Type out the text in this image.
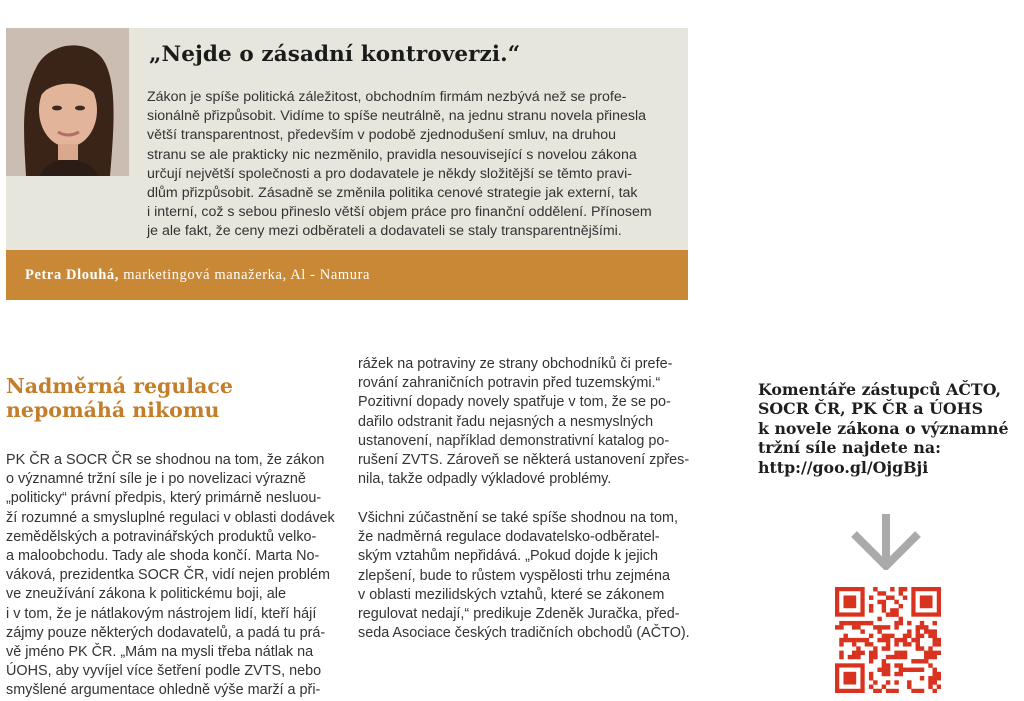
„Nejde o zásadní kontroverzi.“

Zákon je spíše politická záležitost, obchodním firmám nezbývá než se profe-
sionálně přizpůsobit. Vidíme to spíše neutrálně, na jednu stranu novela přinesla
větší transparentnost, především v podobě zjednodušení smluv, na druhou
stranu se ale prakticky nic nezměnilo, pravidla nesouvisející s novelou zákona
určují největší společnosti a pro dodavatele je někdy složitější se těmto pravi-
dlům přizpůsobit. Zásadně se změnila politika cenové strategie jak externí, tak
i interní, což s sebou přineslo větší objem práce pro finanční oddělení. Přínosem
je ale fakt, že ceny mezi odběrateli a dodavateli se staly transparentnějšími.

Petra Dlouhá, marketingová manažerka, Al - Namura

Nadměrná regulace
nepomáhá nikomu

PK ČR a SOCR ČR se shodnou na tom, že zákon
o významné tržní síle je i po novelizaci výrazně
„politicky“ právní předpis, který primárně nesluou-
ží rozumné a smysluplné regulaci v oblasti dodávek
zemědělských a potravinářských produktů velko-
a maloobchodu. Tady ale shoda končí. Marta No-
váková, prezidentka SOCR ČR, vidí nejen problém
ve zneužívání zákona k politickému boji, ale
i v tom, že je nátlakovým nástrojem lidí, kteří hájí
zájmy pouze některých dodavatelů, a padá tu prá-
vě jméno PK ČR. „Mám na mysli třeba nátlak na
ÚOHS, aby vyvíjel více šetření podle ZVTS, nebo
smyšlené argumentace ohledně výše marží a při-

rážek na potraviny ze strany obchodníků či prefe-
rování zahraničních potravin před tuzemskými.“
Pozitivní dopady novely spatřuje v tom, že se po-
dařilo odstranit řadu nejasných a nesmyslných
ustanovení, například demonstrativní katalog po-
rušení ZVTS. Zároveň se některá ustanovení zpřes-
nila, takže odpadly výkladové problémy.

Všichni zúčastnění se také spíše shodnou na tom,
že nadměrná regulace dodavatelsko-odběratel-
ským vztahům nepřidává. „Pokud dojde k jejich
zlepšení, bude to růstem vyspělosti trhu zejména
v oblasti mezilidských vztahů, které se zákonem
regulovat nedají,“ predikuje Zdeněk Juračka, před-
seda Asociace českých tradičních obchodů (AČTO).

Komentáře zástupců AČTO,
SOCR ČR, PK ČR a ÚOHS
k novele zákona o významné
tržní síle najdete na:
http://goo.gl/OjgBji
